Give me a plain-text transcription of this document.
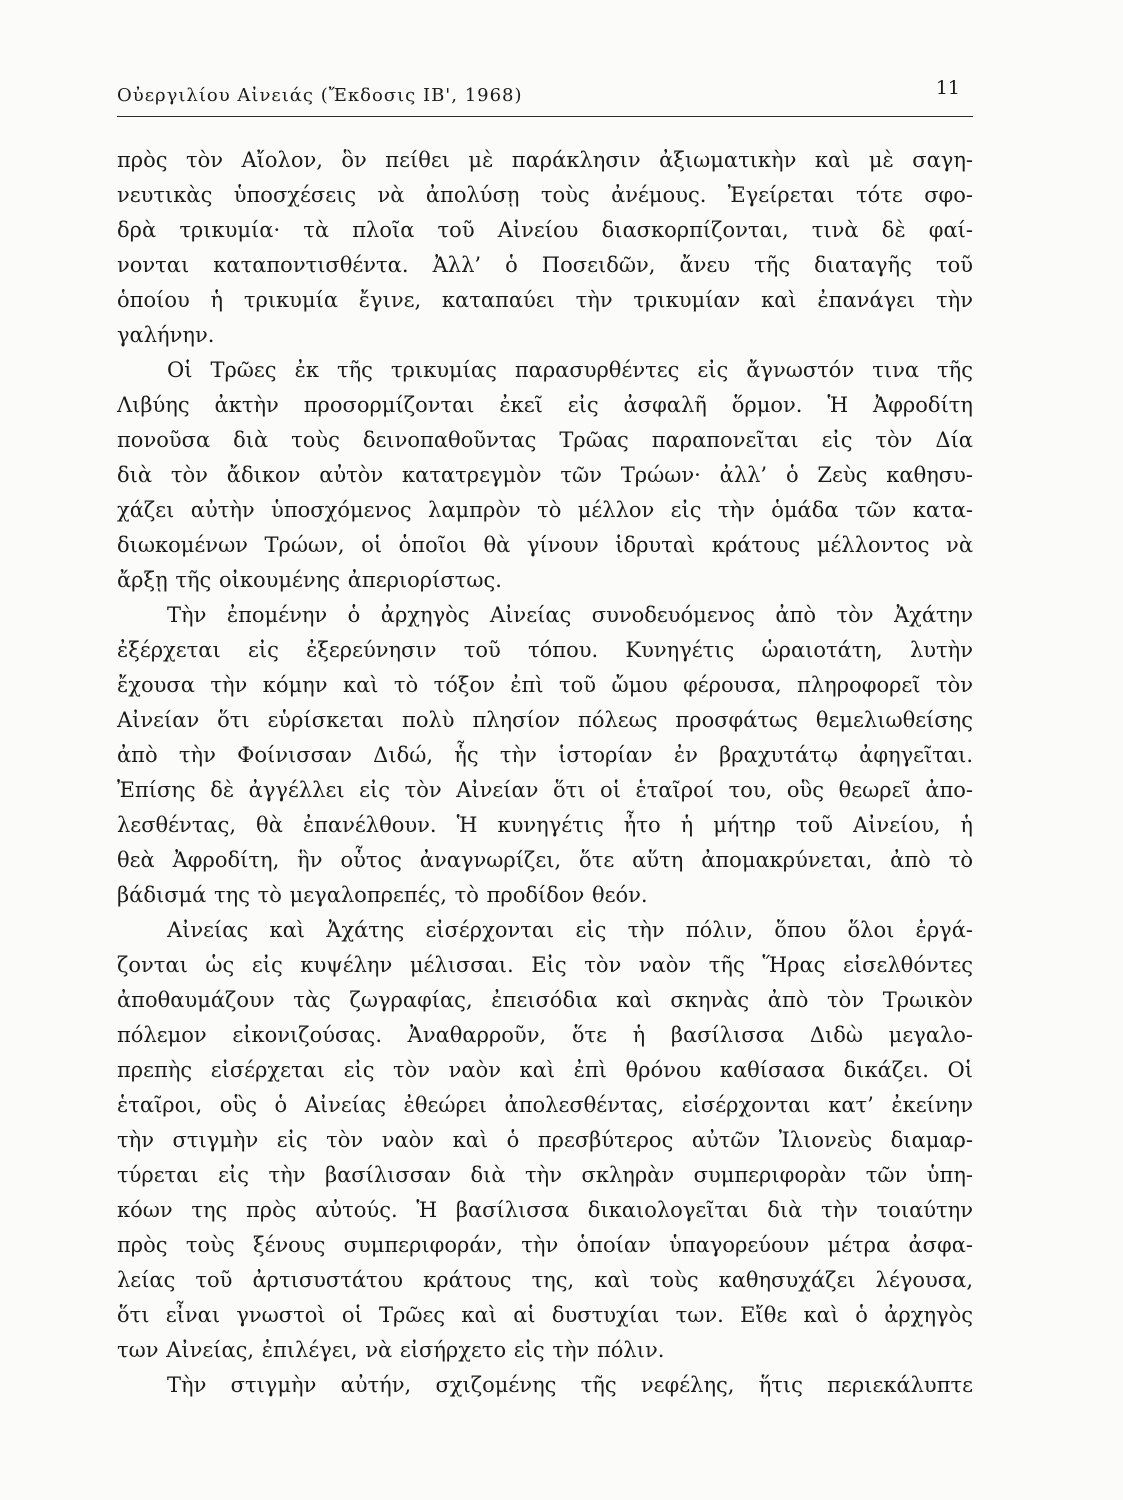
Οὐεργιλίου Αἰνειάς (Ἔκδοσις ΙΒ', 1968)	11
πρὸς τὸν Αἴολον, ὃν πείθει μὲ παράκλησιν ἀξιωματικὴν καὶ μὲ σαγη-
νευτικὰς ὑποσχέσεις νὰ ἀπολύσῃ τοὺς ἀνέμους. Ἐγείρεται τότε σφο-
δρὰ τρικυμία· τὰ πλοῖα τοῦ Αἰνείου διασκορπίζονται, τινὰ δὲ φαί-
νονται καταποντισθέντα. Ἀλλ’ ὁ Ποσειδῶν, ἄνευ τῆς διαταγῆς τοῦ
ὁποίου ἡ τρικυμία ἔγινε, καταπαύει τὴν τρικυμίαν καὶ ἐπανάγει τὴν
γαλήνην.
Οἱ Τρῶες ἐκ τῆς τρικυμίας παρασυρθέντες εἰς ἄγνωστόν τινα τῆς
Λιβύης ἀκτὴν προσορμίζονται ἐκεῖ εἰς ἀσφαλῆ ὅρμον. Ἡ Ἀφροδίτη
πονοῦσα διὰ τοὺς δεινοπαθοῦντας Τρῶας παραπονεῖται εἰς τὸν Δία
διὰ τὸν ἄδικον αὐτὸν κατατρεγμὸν τῶν Τρώων· ἀλλ’ ὁ Ζεὺς καθησυ-
χάζει αὐτὴν ὑποσχόμενος λαμπρὸν τὸ μέλλον εἰς τὴν ὁμάδα τῶν κατα-
διωκομένων Τρώων, οἱ ὁποῖοι θὰ γίνουν ἱδρυταὶ κράτους μέλλοντος νὰ
ἄρξῃ τῆς οἰκουμένης ἀπεριορίστως.
Τὴν ἐπομένην ὁ ἀρχηγὸς Αἰνείας συνοδευόμενος ἀπὸ τὸν Ἀχάτην
ἐξέρχεται εἰς ἐξερεύνησιν τοῦ τόπου. Κυνηγέτις ὡραιοτάτη, λυτὴν
ἔχουσα τὴν κόμην καὶ τὸ τόξον ἐπὶ τοῦ ὤμου φέρουσα, πληροφορεῖ τὸν
Αἰνείαν ὅτι εὑρίσκεται πολὺ πλησίον πόλεως προσφάτως θεμελιωθείσης
ἀπὸ τὴν Φοίνισσαν Διδώ, ἧς τὴν ἱστορίαν ἐν βραχυτάτῳ ἀφηγεῖται.
Ἐπίσης δὲ ἀγγέλλει εἰς τὸν Αἰνείαν ὅτι οἱ ἑταῖροί του, οὓς θεωρεῖ ἀπο-
λεσθέντας, θὰ ἐπανέλθουν. Ἡ κυνηγέτις ἦτο ἡ μήτηρ τοῦ Αἰνείου, ἡ
θεὰ Ἀφροδίτη, ἣν οὗτος ἀναγνωρίζει, ὅτε αὕτη ἀπομακρύνεται, ἀπὸ τὸ
βάδισμά της τὸ μεγαλοπρεπές, τὸ προδίδον θεόν.
Αἰνείας καὶ Ἀχάτης εἰσέρχονται εἰς τὴν πόλιν, ὅπου ὅλοι ἐργά-
ζονται ὡς εἰς κυψέλην μέλισσαι. Εἰς τὸν ναὸν τῆς Ἥρας εἰσελθόντες
ἀποθαυμάζουν τὰς ζωγραφίας, ἐπεισόδια καὶ σκηνὰς ἀπὸ τὸν Τρωικὸν
πόλεμον εἰκονιζούσας. Ἀναθαρροῦν, ὅτε ἡ βασίλισσα Διδὼ μεγαλο-
πρεπὴς εἰσέρχεται εἰς τὸν ναὸν καὶ ἐπὶ θρόνου καθίσασα δικάζει. Οἱ
ἑταῖροι, οὓς ὁ Αἰνείας ἐθεώρει ἀπολεσθέντας, εἰσέρχονται κατ’ ἐκείνην
τὴν στιγμὴν εἰς τὸν ναὸν καὶ ὁ πρεσβύτερος αὐτῶν Ἰλιονεὺς διαμαρ-
τύρεται εἰς τὴν βασίλισσαν διὰ τὴν σκληρὰν συμπεριφορὰν τῶν ὑπη-
κόων της πρὸς αὐτούς. Ἡ βασίλισσα δικαιολογεῖται διὰ τὴν τοιαύτην
πρὸς τοὺς ξένους συμπεριφοράν, τὴν ὁποίαν ὑπαγορεύουν μέτρα ἀσφα-
λείας τοῦ ἀρτισυστάτου κράτους της, καὶ τοὺς καθησυχάζει λέγουσα,
ὅτι εἶναι γνωστοὶ οἱ Τρῶες καὶ αἱ δυστυχίαι των. Εἴθε καὶ ὁ ἀρχηγὸς
των Αἰνείας, ἐπιλέγει, νὰ εἰσήρχετο εἰς τὴν πόλιν.
Τὴν στιγμὴν αὐτήν, σχιζομένης τῆς νεφέλης, ἥτις περιεκάλυπτε
